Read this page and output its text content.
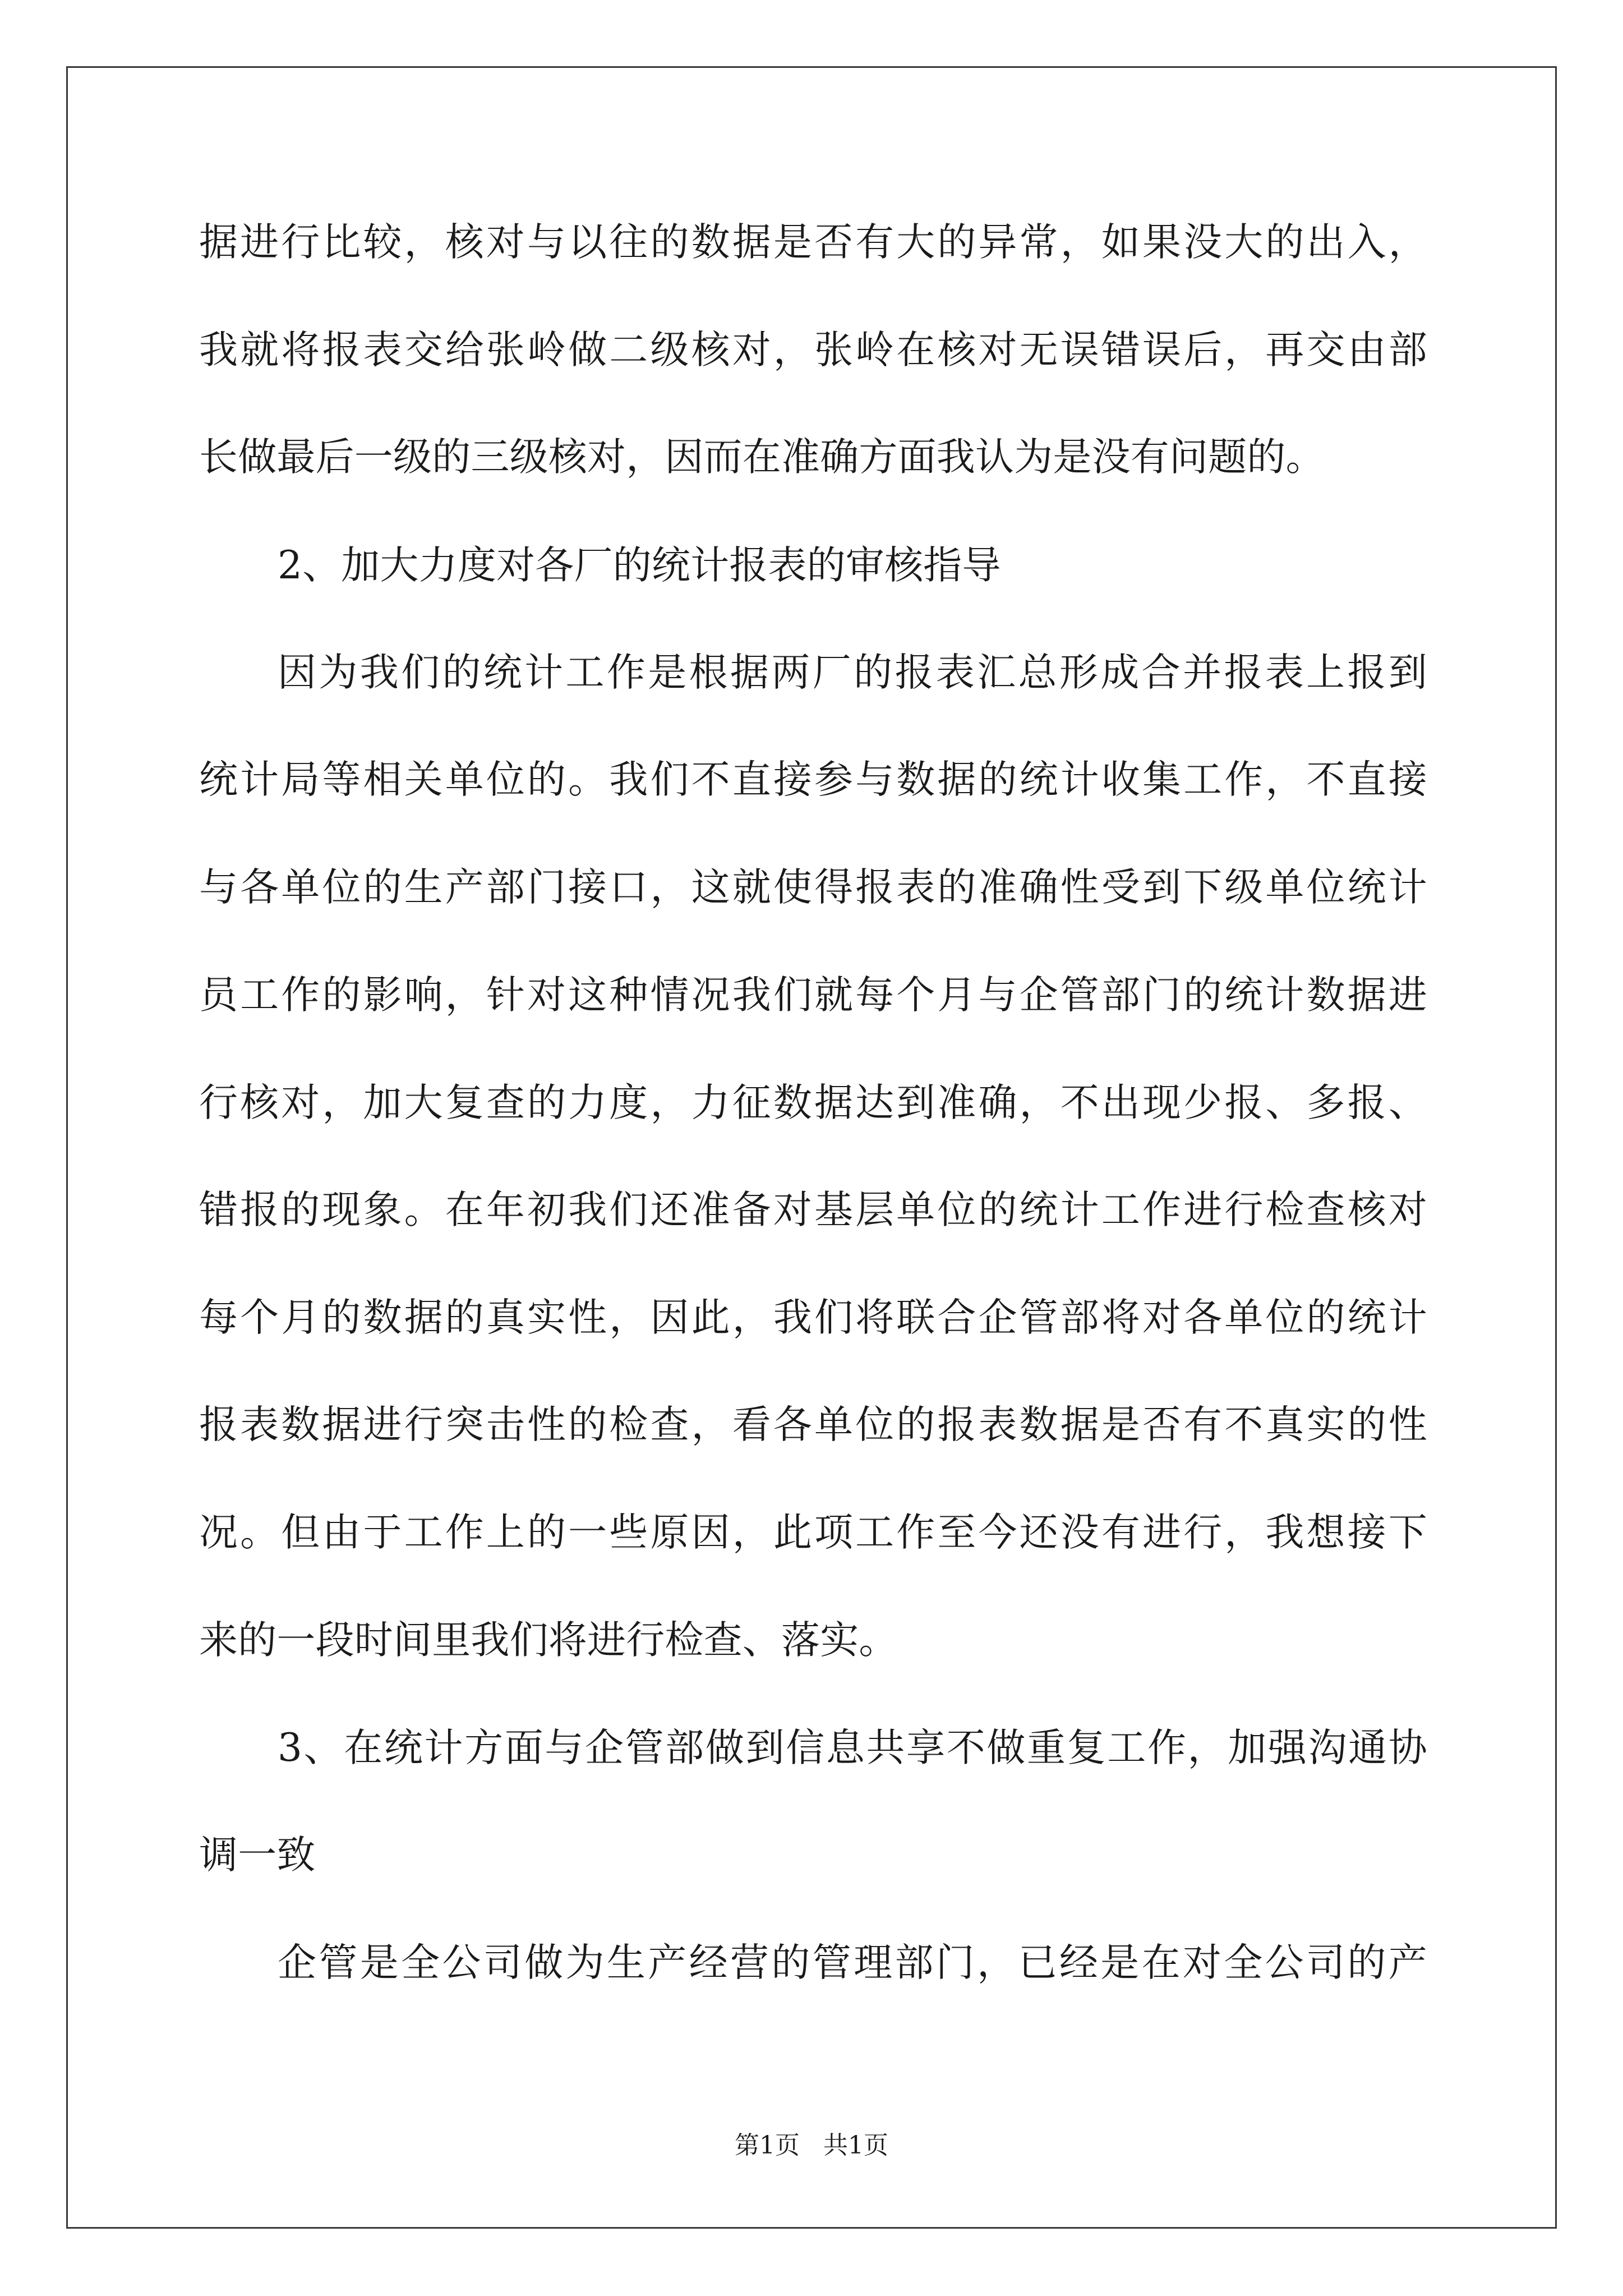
据进行比较，核对与以往的数据是否有大的异常，如果没大的出入，
我就将报表交给张岭做二级核对，张岭在核对无误错误后，再交由部
长做最后一级的三级核对，因而在准确方面我认为是没有问题的。
2、加大力度对各厂的统计报表的审核指导
因为我们的统计工作是根据两厂的报表汇总形成合并报表上报到
统计局等相关单位的。我们不直接参与数据的统计收集工作，不直接
与各单位的生产部门接口，这就使得报表的准确性受到下级单位统计
员工作的影响，针对这种情况我们就每个月与企管部门的统计数据进
行核对，加大复查的力度，力征数据达到准确，不出现少报、多报、
错报的现象。在年初我们还准备对基层单位的统计工作进行检查核对
每个月的数据的真实性，因此，我们将联合企管部将对各单位的统计
报表数据进行突击性的检查，看各单位的报表数据是否有不真实的性
况。但由于工作上的一些原因，此项工作至今还没有进行，我想接下
来的一段时间里我们将进行检查、落实。
3、在统计方面与企管部做到信息共享不做重复工作，加强沟通协
调一致
企管是全公司做为生产经营的管理部门，已经是在对全公司的产
第1页   共1页
